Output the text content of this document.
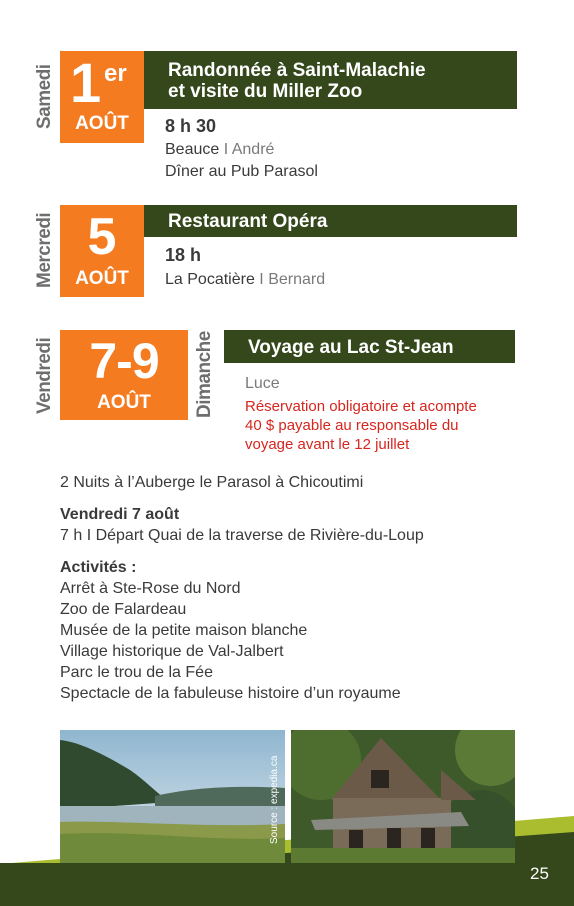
Samedi 1 er
AOÛT
Randonnée à Saint-Malachie
et visite du Miller Zoo
8 h 30
Beauce I André
Dîner au Pub Parasol
Mercredi 5
AOÛT
Restaurant Opéra
18 h
La Pocatière I Bernard
Vendredi 7-9
AOÛT	Dimanche Voyage au Lac St-Jean
Luce
Réservation obligatoire et acompte
40 $ payable au responsable du
voyage avant le 12 juillet
2 Nuits à l’Auberge le Parasol à Chicoutimi
Vendredi 7 août
7 h I Départ Quai de la traverse de Rivière-du-Loup
Activités :
Arrêt à Ste-Rose du Nord
Zoo de Falardeau
Musée de la petite maison blanche
Village historique de Val-Jalbert
Parc le trou de la Fée
Spectacle de la fabuleuse histoire d’un royaume
Source : expedia.ca
25
